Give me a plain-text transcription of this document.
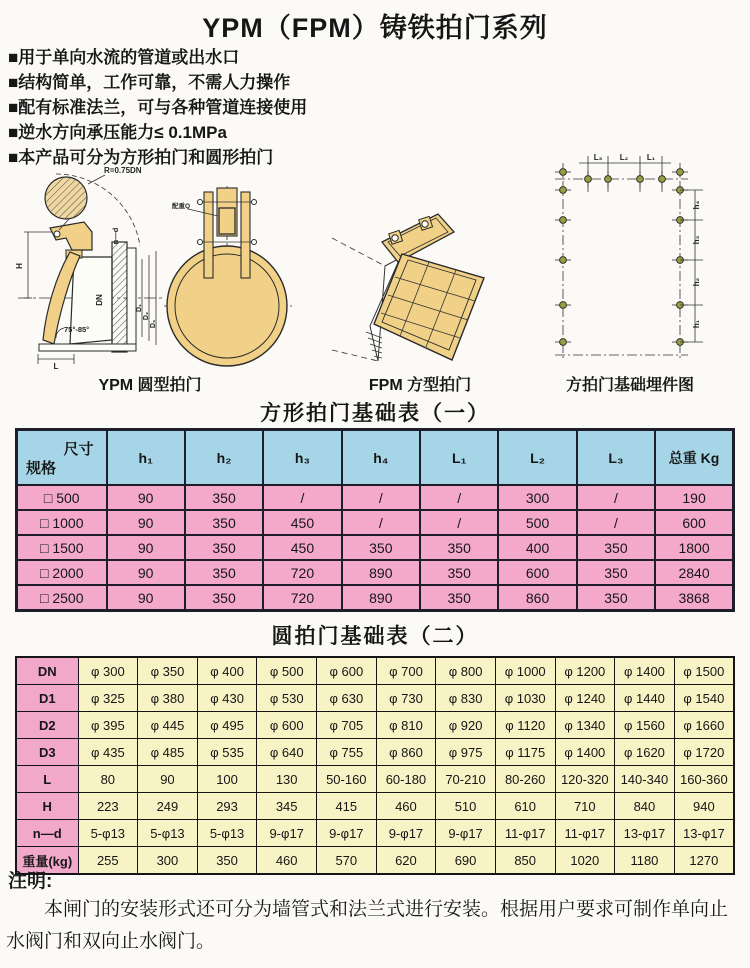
YPM（FPM）铸铁拍门系列
■用于单向水流的管道或出水口
■结构简单，工作可靠，不需人力操作
■配有标准法兰，可与各种管道连接使用
■逆水方向承压能力≤ 0.1MPa
■本产品可分为方形拍门和圆形拍门
R=0.75DN
H
L
75°-85°
DN
D₁
D₂
D₃
n—d
配重Q
L₃ L₂ L₁
h₄
h₃
h₂
h₁
YPM 圆型拍门	FPM 方型拍门	方拍门基础埋件图
方形拍门基础表（一）
尺寸
规格	h₁	h₂	h₃	h₄	L₁	L₂	L₃	总重 Kg
□ 500	90	350	/	/	/	300	/	190
□ 1000	90	350	450	/	/	500	/	600
□ 1500	90	350	450	350	350	400	350	1800
□ 2000	90	350	720	890	350	600	350	2840
□ 2500	90	350	720	890	350	860	350	3868
圆拍门基础表（二）
DN	φ 300	φ 350	φ 400	φ 500	φ 600	φ 700	φ 800	φ 1000	φ 1200	φ 1400	φ 1500
D1	φ 325	φ 380	φ 430	φ 530	φ 630	φ 730	φ 830	φ 1030	φ 1240	φ 1440	φ 1540
D2	φ 395	φ 445	φ 495	φ 600	φ 705	φ 810	φ 920	φ 1120	φ 1340	φ 1560	φ 1660
D3	φ 435	φ 485	φ 535	φ 640	φ 755	φ 860	φ 975	φ 1175	φ 1400	φ 1620	φ 1720
L	80	90	100	130	50-160	60-180	70-210	80-260	120-320	140-340	160-360
H	223	249	293	345	415	460	510	610	710	840	940
n—d	5-φ13	5-φ13	5-φ13	9-φ17	9-φ17	9-φ17	9-φ17	11-φ17	11-φ17	13-φ17	13-φ17
重量(kg)	255	300	350	460	570	620	690	850	1020	1180	1270
注明:
本闸门的安装形式还可分为墙管式和法兰式进行安装。根据用户要求可制作单向止水阀门和双向止水阀门。
